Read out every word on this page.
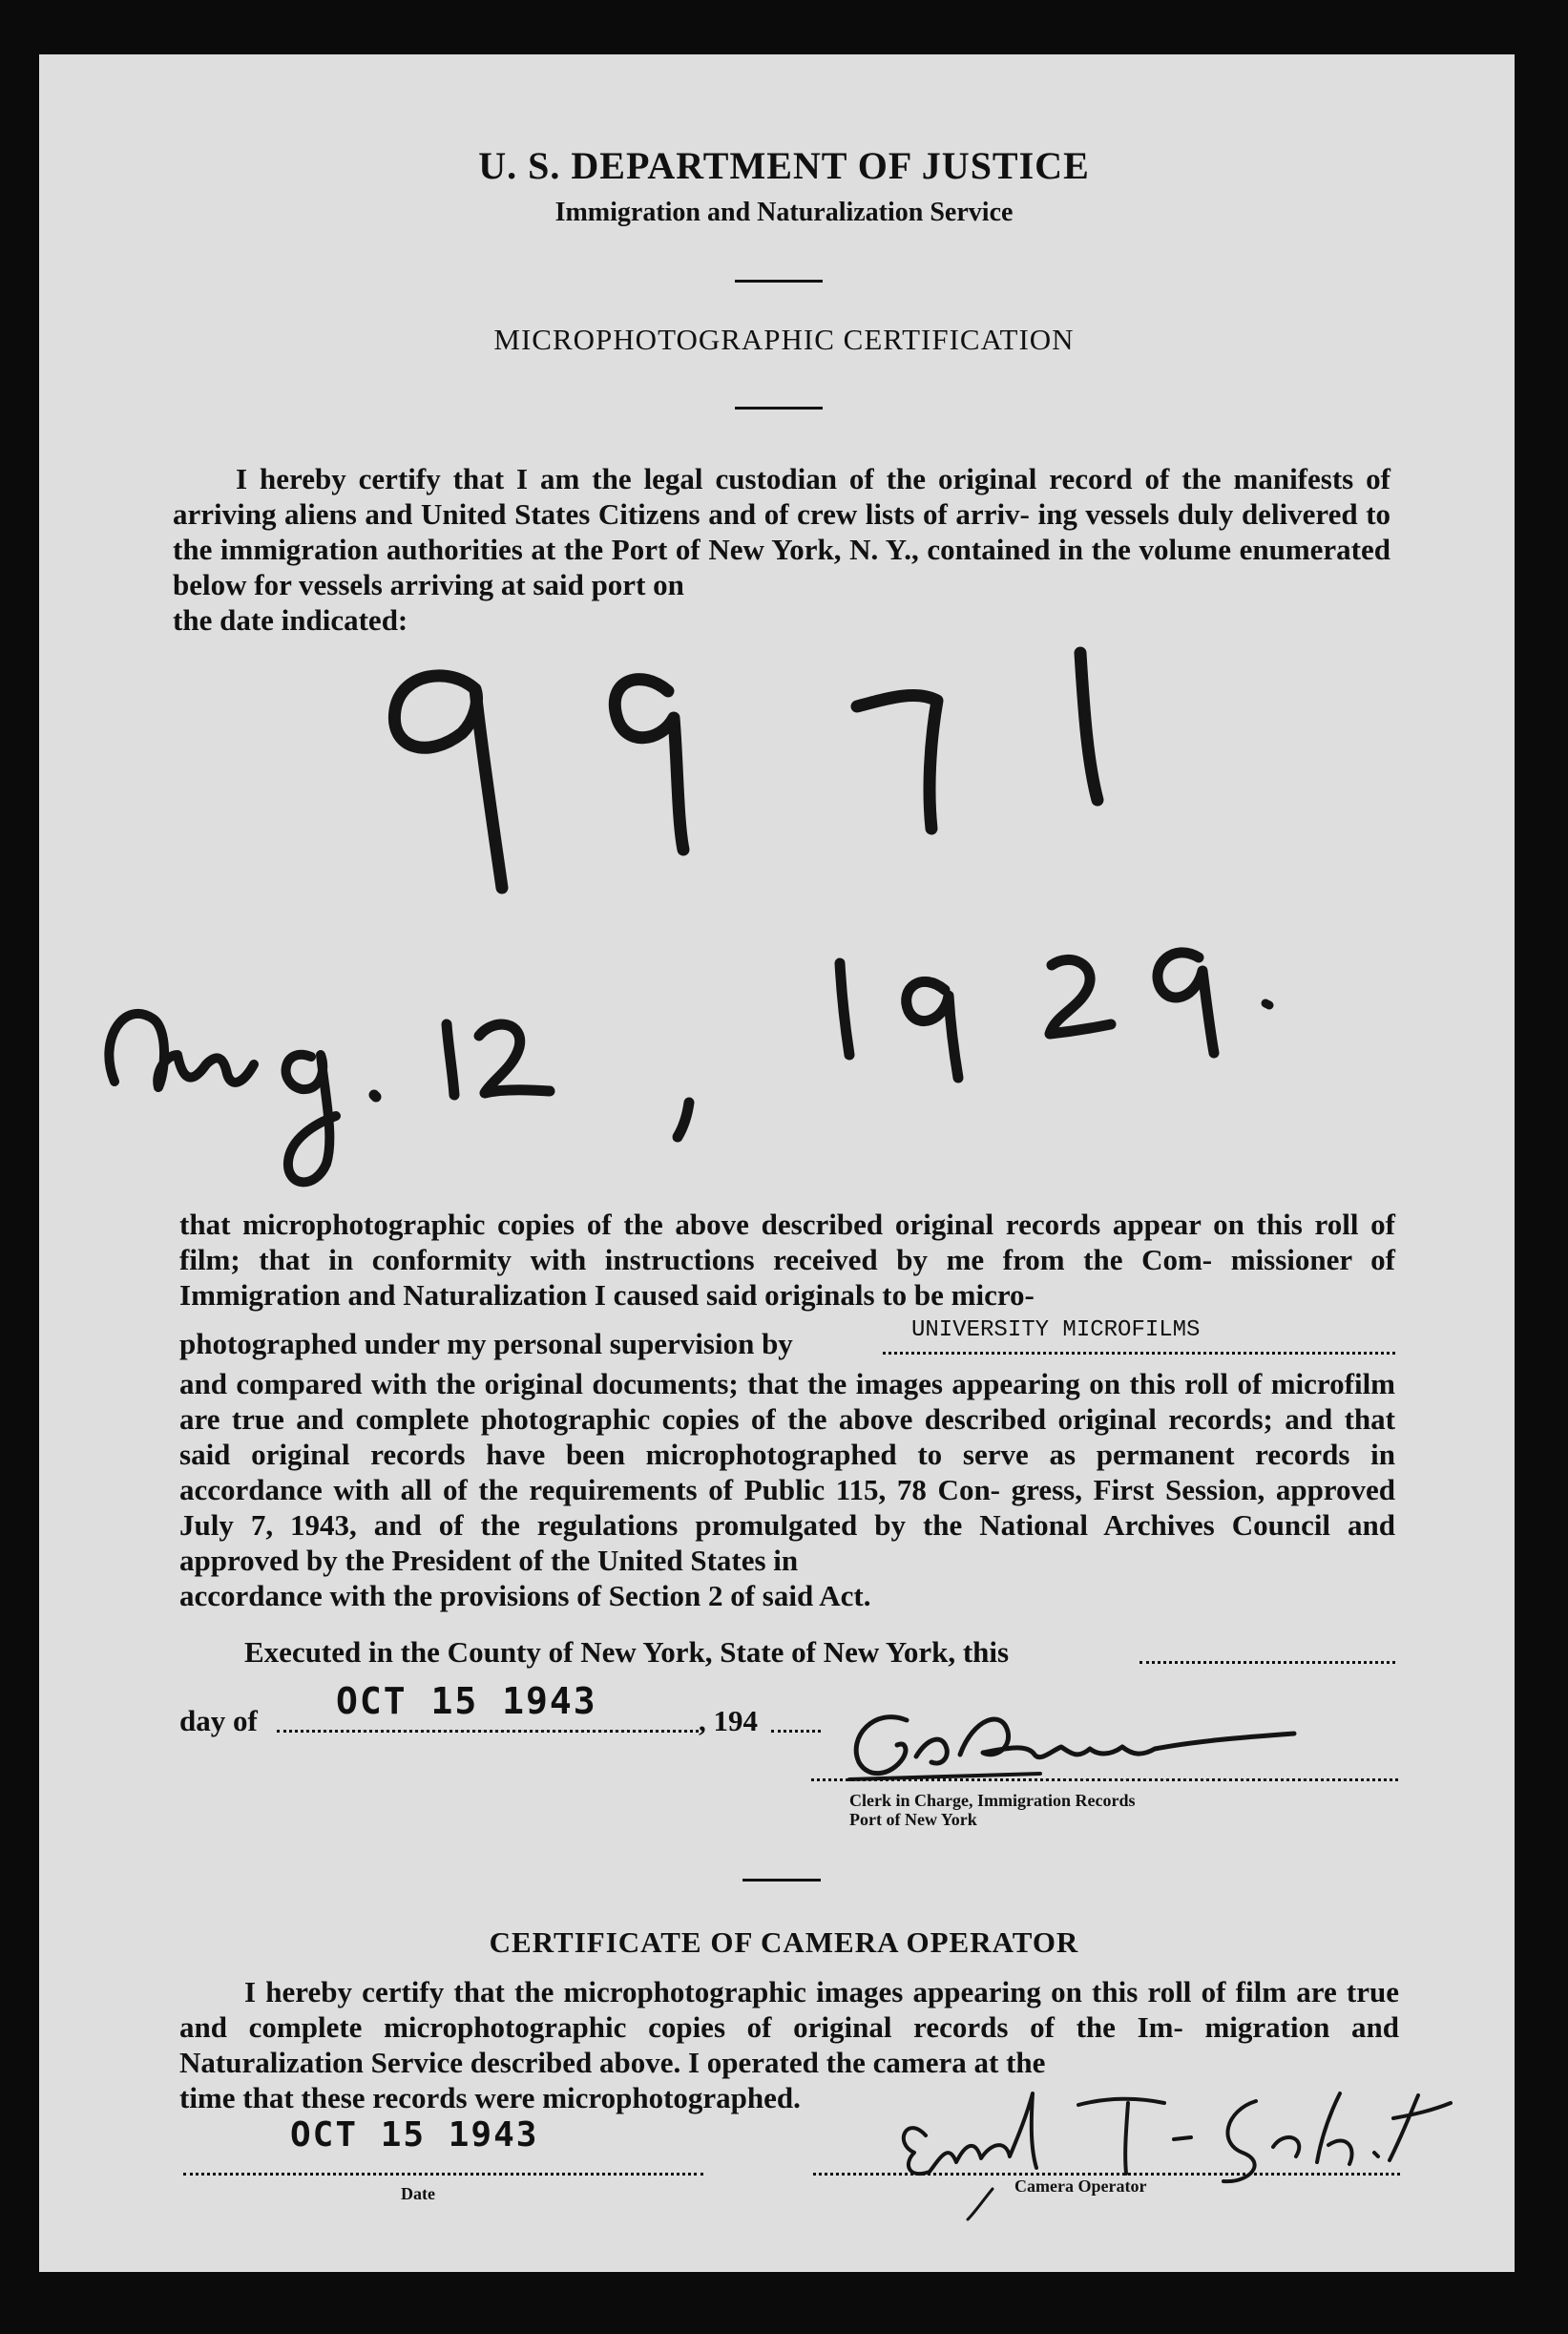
U. S. DEPARTMENT OF JUSTICE
Immigration and Naturalization Service
MICROPHOTOGRAPHIC CERTIFICATION
I hereby certify that I am the legal custodian of the original record of the manifests of arriving aliens and United States Citizens and of crew lists of arriv- ing vessels duly delivered to the immigration authorities at the Port of New York, N. Y., contained in the volume enumerated below for vessels arriving at said port on
the date indicated:
that microphotographic copies of the above described original records appear on this roll of film; that in conformity with instructions received by me from the Com- missioner of Immigration and Naturalization I caused said originals to be micro-
photographed under my personal supervision by	UNIVERSITY MICROFILMS
and compared with the original documents; that the images appearing on this roll of microfilm are true and complete photographic copies of the above described original records; and that said original records have been microphotographed to serve as permanent records in accordance with all of the requirements of Public 115, 78 Con- gress, First Session, approved July 7, 1943, and of the regulations promulgated by the National Archives Council and approved by the President of the United States in
accordance with the provisions of Section 2 of said Act.
Executed in the County of New York, State of New York, this
day of OCT 15 1943	, 194
Clerk in Charge, Immigration Records
Port of New York
CERTIFICATE OF CAMERA OPERATOR
I hereby certify that the microphotographic images appearing on this roll of film are true and complete microphotographic copies of original records of the Im- migration and Naturalization Service described above. I operated the camera at the
time that these records were microphotographed.
OCT 15 1943
Date	Camera Operator
